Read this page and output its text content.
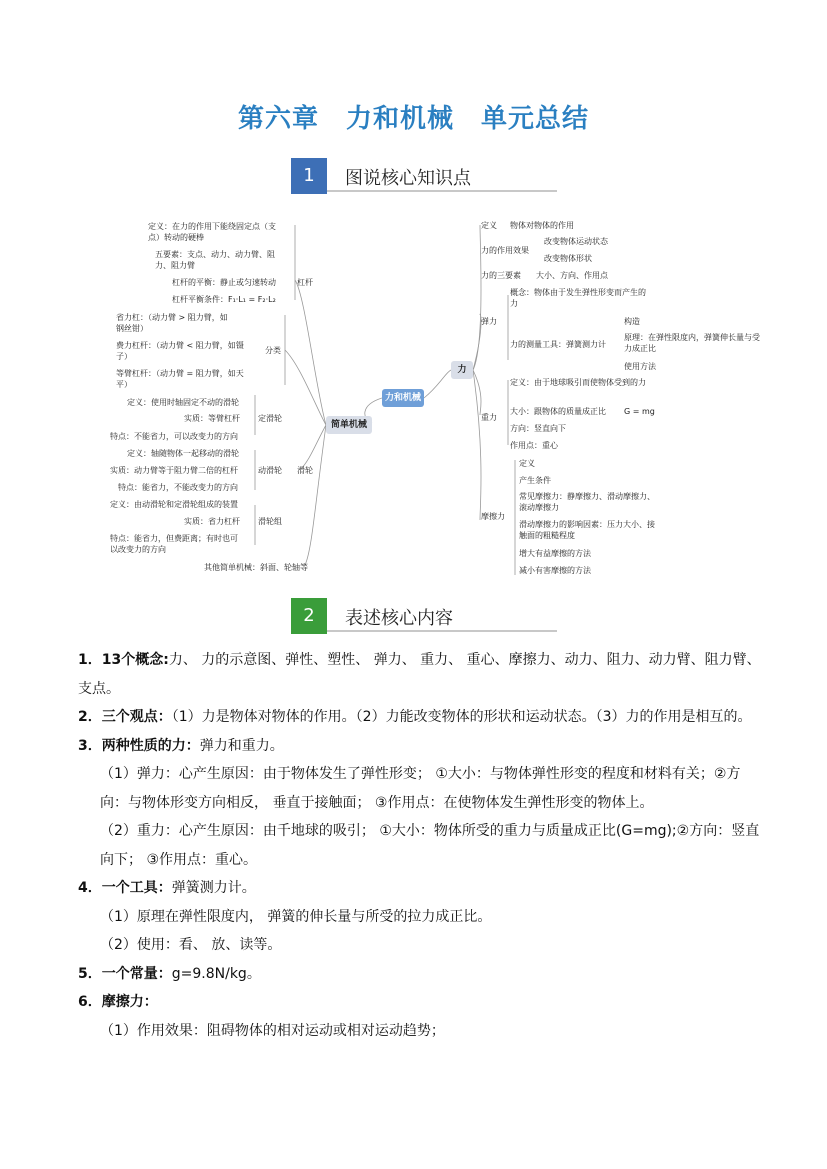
第六章　力和机械　单元总结
1	图说核心知识点
力和机械
简单机械
力
定义：在力的作用下能绕固定点（支点）转动的硬棒
五要素：支点、动力、动力臂、阻力、阻力臂
杠杆的平衡：静止或匀速转动
杠杆平衡条件：F₁·L₁ = F₂·L₂
杠杆
省力杠：（动力臂 > 阻力臂，如钢丝钳）
费力杠杆：（动力臂 < 阻力臂，如镊子）
等臂杠杆：（动力臂 = 阻力臂，如天平）
分类
定义：使用时轴固定不动的滑轮
实质：等臂杠杆
特点：不能省力，可以改变力的方向
定滑轮
定义：轴随物体一起移动的滑轮
实质：动力臂等于阻力臂二倍的杠杆
特点：能省力，不能改变力的方向
动滑轮 滑轮
定义：由动滑轮和定滑轮组成的装置
实质：省力杠杆
特点：能省力，但费距离；有时也可以改变力的方向
滑轮组
其他简单机械：斜面、轮轴等
定义 物体对物体的作用
力的作用效果
改变物体运动状态
改变物体形状
力的三要素 大小、方向、作用点
弹力
概念：物体由于发生弹性形变而产生的力
力的测量工具：弹簧测力计
构造
原理：在弹性限度内，弹簧伸长量与受力成正比
使用方法
定义：由于地球吸引而使物体受到的力
重力
大小：跟物体的质量成正比 G = mg
方向：竖直向下
作用点：重心
摩擦力
定义
产生条件
常见摩擦力：静摩擦力、滑动摩擦力、滚动摩擦力
滑动摩擦力的影响因素：压力大小、接触面的粗糙程度
增大有益摩擦的方法
减小有害摩擦的方法
2	表述核心内容

1．13个概念:力、 力的示意图、弹性、塑性、 弹力、 重力、 重心、摩擦力、动力、阻力、动力臂、阻力臂、支点。

2．三个观点：（1）力是物体对物体的作用。（2）力能改变物体的形状和运动状态。（3）力的作用是相互的。

3．两种性质的力：弹力和重力。

（1）弹力：心产生原因：由于物体发生了弹性形变； ①大小：与物体弹性形变的程度和材料有关；②方向：与物体形变方向相反， 垂直于接触面； ③作用点：在使物体发生弹性形变的物体上。

（2）重力：心产生原因：由千地球的吸引； ①大小：物体所受的重力与质量成正比(G=mg);②方向：竖直向下； ③作用点：重心。

4．一个工具：弹簧测力计。

（1）原理在弹性限度内， 弹簧的伸长量与所受的拉力成正比。

（2）使用：看、 放、读等。

5．一个常量：g=9.8N/kg。

6．摩擦力：

（1）作用效果：阻碍物体的相对运动或相对运动趋势；
